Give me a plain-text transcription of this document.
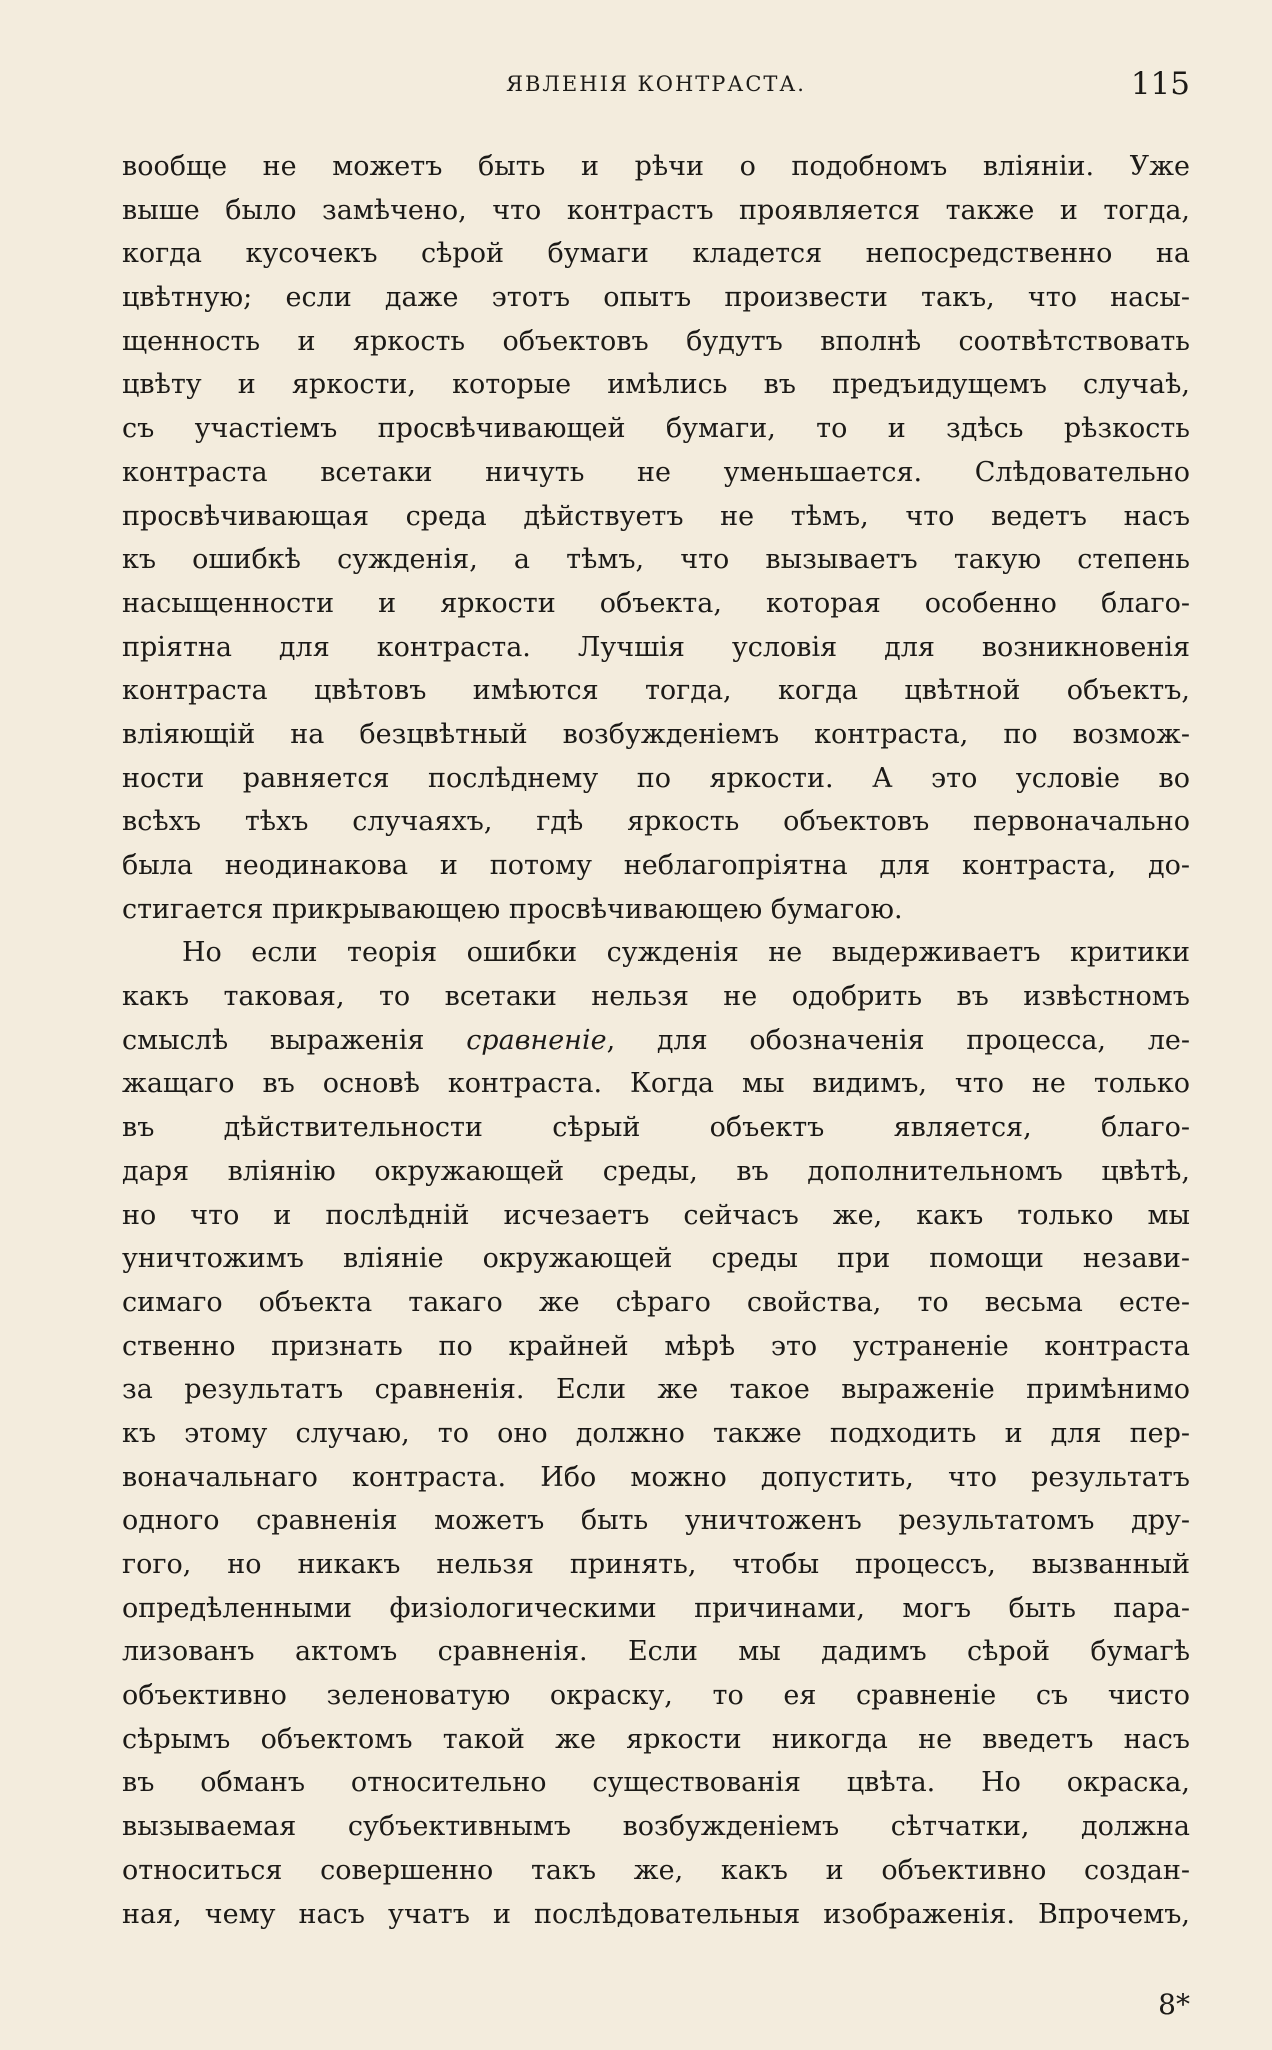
ЯВЛЕНІЯ КОНТРАСТА.	115
вообще не можетъ быть и рѣчи о подобномъ вліяніи. Уже
выше было замѣчено, что контрастъ проявляется также и тогда,
когда кусочекъ сѣрой бумаги кладется непосредственно на
цвѣтную; если даже этотъ опытъ произвести такъ, что насы-
щенность и яркость объектовъ будутъ вполнѣ соотвѣтствовать
цвѣту и яркости, которые имѣлись въ предъидущемъ случаѣ,
съ участіемъ просвѣчивающей бумаги, то и здѣсь рѣзкость
контраста всетаки ничуть не уменьшается. Слѣдовательно
просвѣчивающая среда дѣйствуетъ не тѣмъ, что ведетъ насъ
къ ошибкѣ сужденія, а тѣмъ, что вызываетъ такую степень
насыщенности и яркости объекта, которая особенно благо-
пріятна для контраста. Лучшія условія для возникновенія
контраста цвѣтовъ имѣются тогда, когда цвѣтной объектъ,
вліяющій на безцвѣтный возбужденіемъ контраста, по возмож-
ности равняется послѣднему по яркости. А это условіе во
всѣхъ тѣхъ случаяхъ, гдѣ яркость объектовъ первоначально
была неодинакова и потому неблагопріятна для контраста, до-
стигается прикрывающею просвѣчивающею бумагою.
Но если теорія ошибки сужденія не выдерживаетъ критики
какъ таковая, то всетаки нельзя не одобрить въ извѣстномъ
смыслѣ выраженія сравненіе, для обозначенія процесса, ле-
жащаго въ основѣ контраста. Когда мы видимъ, что не только
въ дѣйствительности сѣрый объектъ является, благо-
даря вліянію окружающей среды, въ дополнительномъ цвѣтѣ,
но что и послѣдній исчезаетъ сейчасъ же, какъ только мы
уничтожимъ вліяніе окружающей среды при помощи незави-
симаго объекта такаго же сѣраго свойства, то весьма есте-
ственно признать по крайней мѣрѣ это устраненіе контраста
за результатъ сравненія. Если же такое выраженіе примѣнимо
къ этому случаю, то оно должно также подходить и для пер-
воначальнаго контраста. Ибо можно допустить, что результатъ
одного сравненія можетъ быть уничтоженъ результатомъ дру-
гого, но никакъ нельзя принять, чтобы процессъ, вызванный
опредѣленными физіологическими причинами, могъ быть пара-
лизованъ актомъ сравненія. Если мы дадимъ сѣрой бумагѣ
объективно зеленоватую окраску, то ея сравненіе съ чисто
сѣрымъ объектомъ такой же яркости никогда не введетъ насъ
въ обманъ относительно существованія цвѣта. Но окраска,
вызываемая субъективнымъ возбужденіемъ сѣтчатки, должна
относиться совершенно такъ же, какъ и объективно создан-
ная, чему насъ учатъ и послѣдовательныя изображенія. Впрочемъ,
8*
